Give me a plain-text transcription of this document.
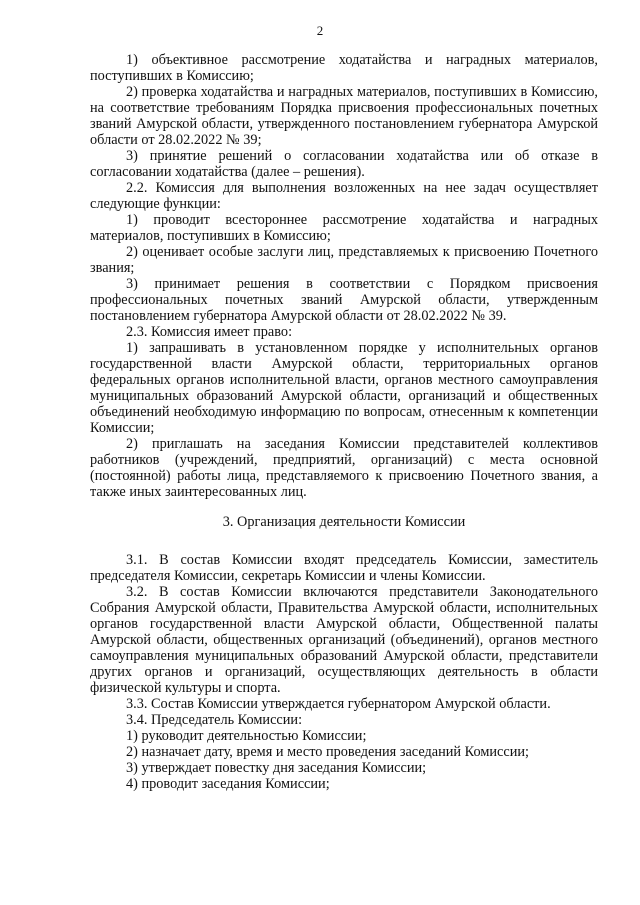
2

1) объективное рассмотрение ходатайства и наградных материалов, поступивших в Комиссию;

2) проверка ходатайства и наградных материалов, поступивших в Комиссию, на соответствие требованиям Порядка присвоения профессиональных почетных званий Амурской области, утвержденного постановлением губернатора Амурской области от 28.02.2022 № 39;

3) принятие решений о согласовании ходатайства или об отказе в согласовании ходатайства (далее – решения).

2.2. Комиссия для выполнения возложенных на нее задач осуществляет следующие функции:

1) проводит всестороннее рассмотрение ходатайства и наградных материалов, поступивших в Комиссию;

2) оценивает особые заслуги лиц, представляемых к присвоению Почетного звания;

3) принимает решения в соответствии с Порядком присвоения профессиональных почетных званий Амурской области, утвержденным постановлением губернатора Амурской области от 28.02.2022 № 39.

2.3. Комиссия имеет право:

1) запрашивать в установленном порядке у исполнительных органов государственной власти Амурской области, территориальных органов федеральных органов исполнительной власти, органов местного самоуправления муниципальных образований Амурской области, организаций и общественных объединений необходимую информацию по вопросам, отнесенным к компетенции Комиссии;

2) приглашать на заседания Комиссии представителей коллективов работников (учреждений, предприятий, организаций) с места основной (постоянной) работы лица, представляемого к присвоению Почетного звания, а также иных заинтересованных лиц.

3. Организация деятельности Комиссии

3.1. В состав Комиссии входят председатель Комиссии, заместитель председателя Комиссии, секретарь Комиссии и члены Комиссии.

3.2. В состав Комиссии включаются представители Законодательного Собрания Амурской области, Правительства Амурской области, исполнительных органов государственной власти Амурской области, Общественной палаты Амурской области, общественных организаций (объединений), органов местного самоуправления муниципальных образований Амурской области, представители других органов и организаций, осуществляющих деятельность в области физической культуры и спорта.

3.3. Состав Комиссии утверждается губернатором Амурской области.

3.4. Председатель Комиссии:

1) руководит деятельностью Комиссии;

2) назначает дату, время и место проведения заседаний Комиссии;

3) утверждает повестку дня заседания Комиссии;

4) проводит заседания Комиссии;
